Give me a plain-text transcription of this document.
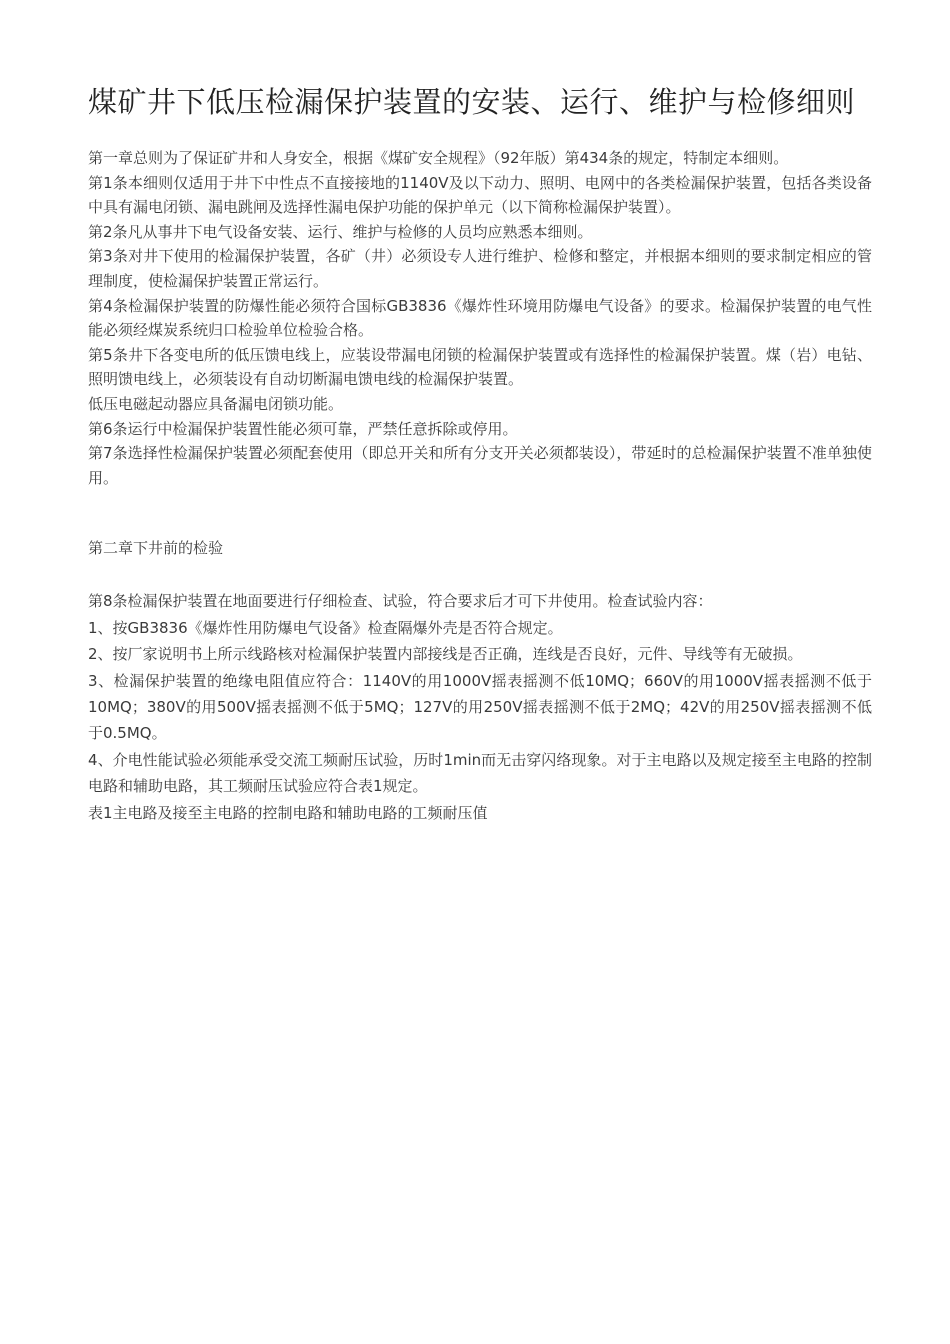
煤矿井下低压检漏保护装置的安装、运行、维护与检修细则

第一章总则为了保证矿井和人身安全，根据《煤矿安全规程》（92年版）第434条的规定，特制定本细则。

第1条本细则仅适用于井下中性点不直接接地的1140V及以下动力、照明、电网中的各类检漏保护装置，包括各类设备中具有漏电闭锁、漏电跳闸及选择性漏电保护功能的保护单元（以下简称检漏保护装置）。

第2条凡从事井下电气设备安装、运行、维护与检修的人员均应熟悉本细则。

第3条对井下使用的检漏保护装置，各矿（井）必须设专人进行维护、检修和整定，并根据本细则的要求制定相应的管理制度，使检漏保护装置正常运行。

第4条检漏保护装置的防爆性能必须符合国标GB3836《爆炸性环境用防爆电气设备》的要求。检漏保护装置的电气性能必须经煤炭系统归口检验单位检验合格。

第5条井下各变电所的低压馈电线上，应装设带漏电闭锁的检漏保护装置或有选择性的检漏保护装置。煤（岩）电钻、照明馈电线上，必须装设有自动切断漏电馈电线的检漏保护装置。

低压电磁起动器应具备漏电闭锁功能。

第6条运行中检漏保护装置性能必须可靠，严禁任意拆除或停用。

第7条选择性检漏保护装置必须配套使用（即总开关和所有分支开关必须都装设），带延时的总检漏保护装置不准单独使用。

第二章下井前的检验

第8条检漏保护装置在地面要进行仔细检查、试验，符合要求后才可下井使用。检查试验内容：

1、按GB3836《爆炸性用防爆电气设备》检查隔爆外壳是否符合规定。

2、按厂家说明书上所示线路核对检漏保护装置内部接线是否正确，连线是否良好，元件、导线等有无破损。

3、检漏保护装置的绝缘电阻值应符合：1140V的用1000V摇表摇测不低10MQ；660V的用1000V摇表摇测不低于10MQ；380V的用500V摇表摇测不低于5MQ；127V的用250V摇表摇测不低于2MQ；42V的用250V摇表摇测不低于0.5MQ。

4、介电性能试验必须能承受交流工频耐压试验，历时1min而无击穿闪络现象。对于主电路以及规定接至主电路的控制电路和辅助电路，其工频耐压试验应符合表1规定。

表1主电路及接至主电路的控制电路和辅助电路的工频耐压值
